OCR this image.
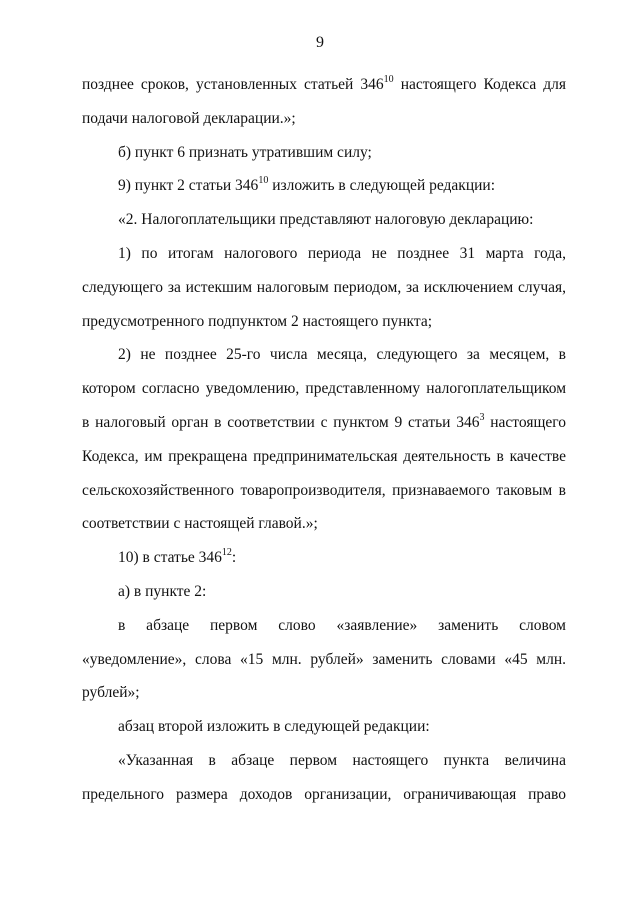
9

позднее сроков, установленных статьей $346^{10}$ настоящего Кодекса для подачи налоговой декларации.»;

б) пункт 6 признать утратившим силу;

9) пункт 2 статьи $346^{10}$ изложить в следующей редакции:

«2. Налогоплательщики представляют налоговую декларацию:

1) по итогам налогового периода не позднее 31 марта года, следующего за истекшим налоговым периодом, за исключением случая, предусмотренного подпунктом 2 настоящего пункта;

2) не позднее 25-го числа месяца, следующего за месяцем, в котором согласно уведомлению, представленному налогоплательщиком в налоговый орган в соответствии с пунктом 9 статьи $346^3$ настоящего Кодекса, им прекращена предпринимательская деятельность в качестве сельскохозяйственного товаропроизводителя, признаваемого таковым в соответствии с настоящей главой.»;

10) в статье $346^{12}$:

а) в пункте 2:

в абзаце первом слово «заявление» заменить словом «уведомление», слова «15 млн. рублей» заменить словами «45 млн. рублей»;

абзац второй изложить в следующей редакции:

«Указанная в абзаце первом настоящего пункта величина предельного размера доходов организации, ограничивающая право
